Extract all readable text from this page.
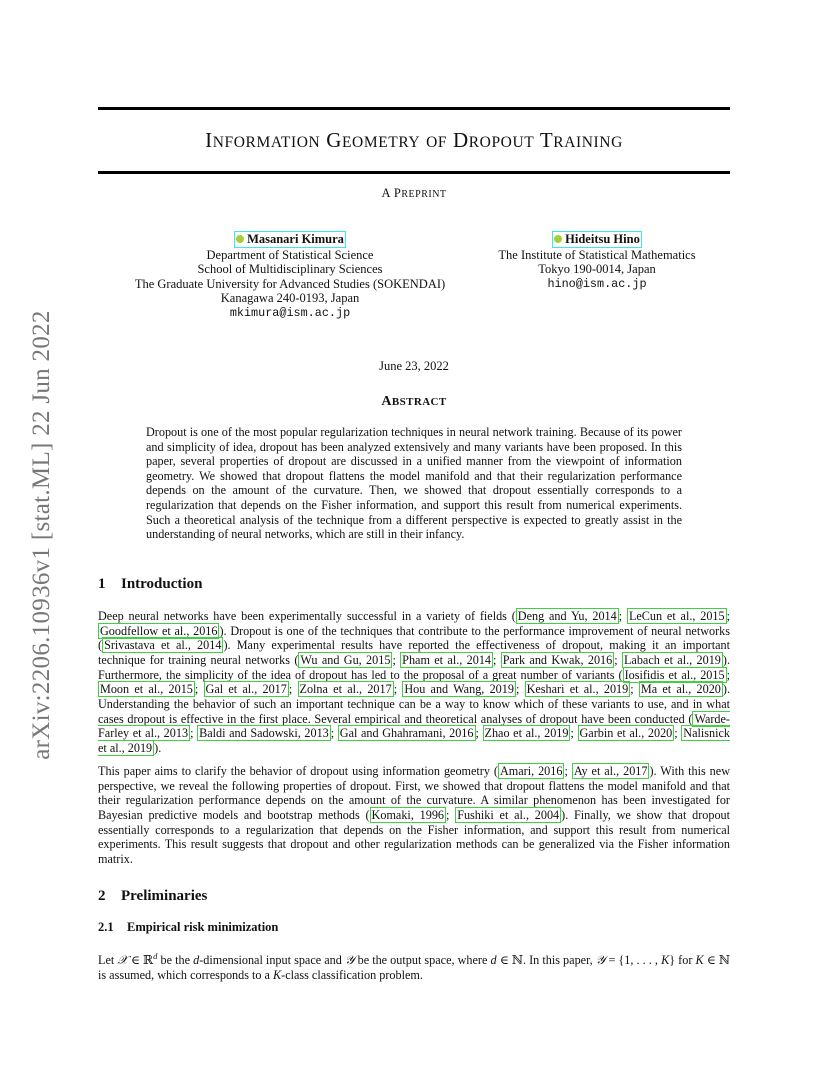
arXiv:2206.10936v1 [stat.ML] 22 Jun 2022
INFORMATION GEOMETRY OF DROPOUT TRAINING
A PREPRINT
Masanari Kimura
Department of Statistical Science
School of Multidisciplinary Sciences
The Graduate University for Advanced Studies (SOKENDAI)
Kanagawa 240-0193, Japan
mkimura@ism.ac.jp
Hideitsu Hino
The Institute of Statistical Mathematics
Tokyo 190-0014, Japan
hino@ism.ac.jp
June 23, 2022
ABSTRACT

Dropout is one of the most popular regularization techniques in neural network training. Because of its power and simplicity of idea, dropout has been analyzed extensively and many variants have been proposed. In this paper, several properties of dropout are discussed in a unified manner from the viewpoint of information geometry. We showed that dropout flattens the model manifold and that their regularization performance depends on the amount of the curvature. Then, we showed that dropout essentially corresponds to a regularization that depends on the Fisher information, and support this result from numerical experiments. Such a theoretical analysis of the technique from a different perspective is expected to greatly assist in the understanding of neural networks, which are still in their infancy.

1 Introduction

Deep neural networks have been experimentally successful in a variety of fields ( Deng and Yu, 2014 ; LeCun et al., 2015 ; Goodfellow et al., 2016 ). Dropout is one of the techniques that contribute to the performance improvement of neural networks ( Srivastava et al., 2014 ). Many experimental results have reported the effectiveness of dropout, making it an important technique for training neural networks ( Wu and Gu, 2015 ; Pham et al., 2014 ; Park and Kwak, 2016 ; Labach et al., 2019 ). Furthermore, the simplicity of the idea of dropout has led to the proposal of a great number of variants ( Iosifidis et al., 2015 ; Moon et al., 2015 ; Gal et al., 2017 ; Zolna et al., 2017 ; Hou and Wang, 2019 ; Keshari et al., 2019 ; Ma et al., 2020 ). Understanding the behavior of such an important technique can be a way to know which of these variants to use, and in what cases dropout is effective in the first place. Several empirical and theoretical analyses of dropout have been conducted ( Warde-Farley et al., 2013 ; Baldi and Sadowski, 2013 ; Gal and Ghahramani, 2016 ; Zhao et al., 2019 ; Garbin et al., 2020 ; Nalisnick et al., 2019 ).

This paper aims to clarify the behavior of dropout using information geometry ( Amari, 2016 ; Ay et al., 2017 ). With this new perspective, we reveal the following properties of dropout. First, we showed that dropout flattens the model manifold and that their regularization performance depends on the amount of the curvature. A similar phenomenon has been investigated for Bayesian predictive models and bootstrap methods ( Komaki, 1996 ; Fushiki et al., 2004 ). Finally, we show that dropout essentially corresponds to a regularization that depends on the Fisher information, and support this result from numerical experiments. This result suggests that dropout and other regularization methods can be generalized via the Fisher information matrix.

2 Preliminaries
2.1 Empirical risk minimization

Let 𝒳 ∈ ℝ$^d$ be the d-dimensional input space and 𝒴 be the output space, where d ∈ ℕ. In this paper, 𝒴 = {1, . . . , K} for K ∈ ℕ is assumed, which corresponds to a K-class classification problem.
